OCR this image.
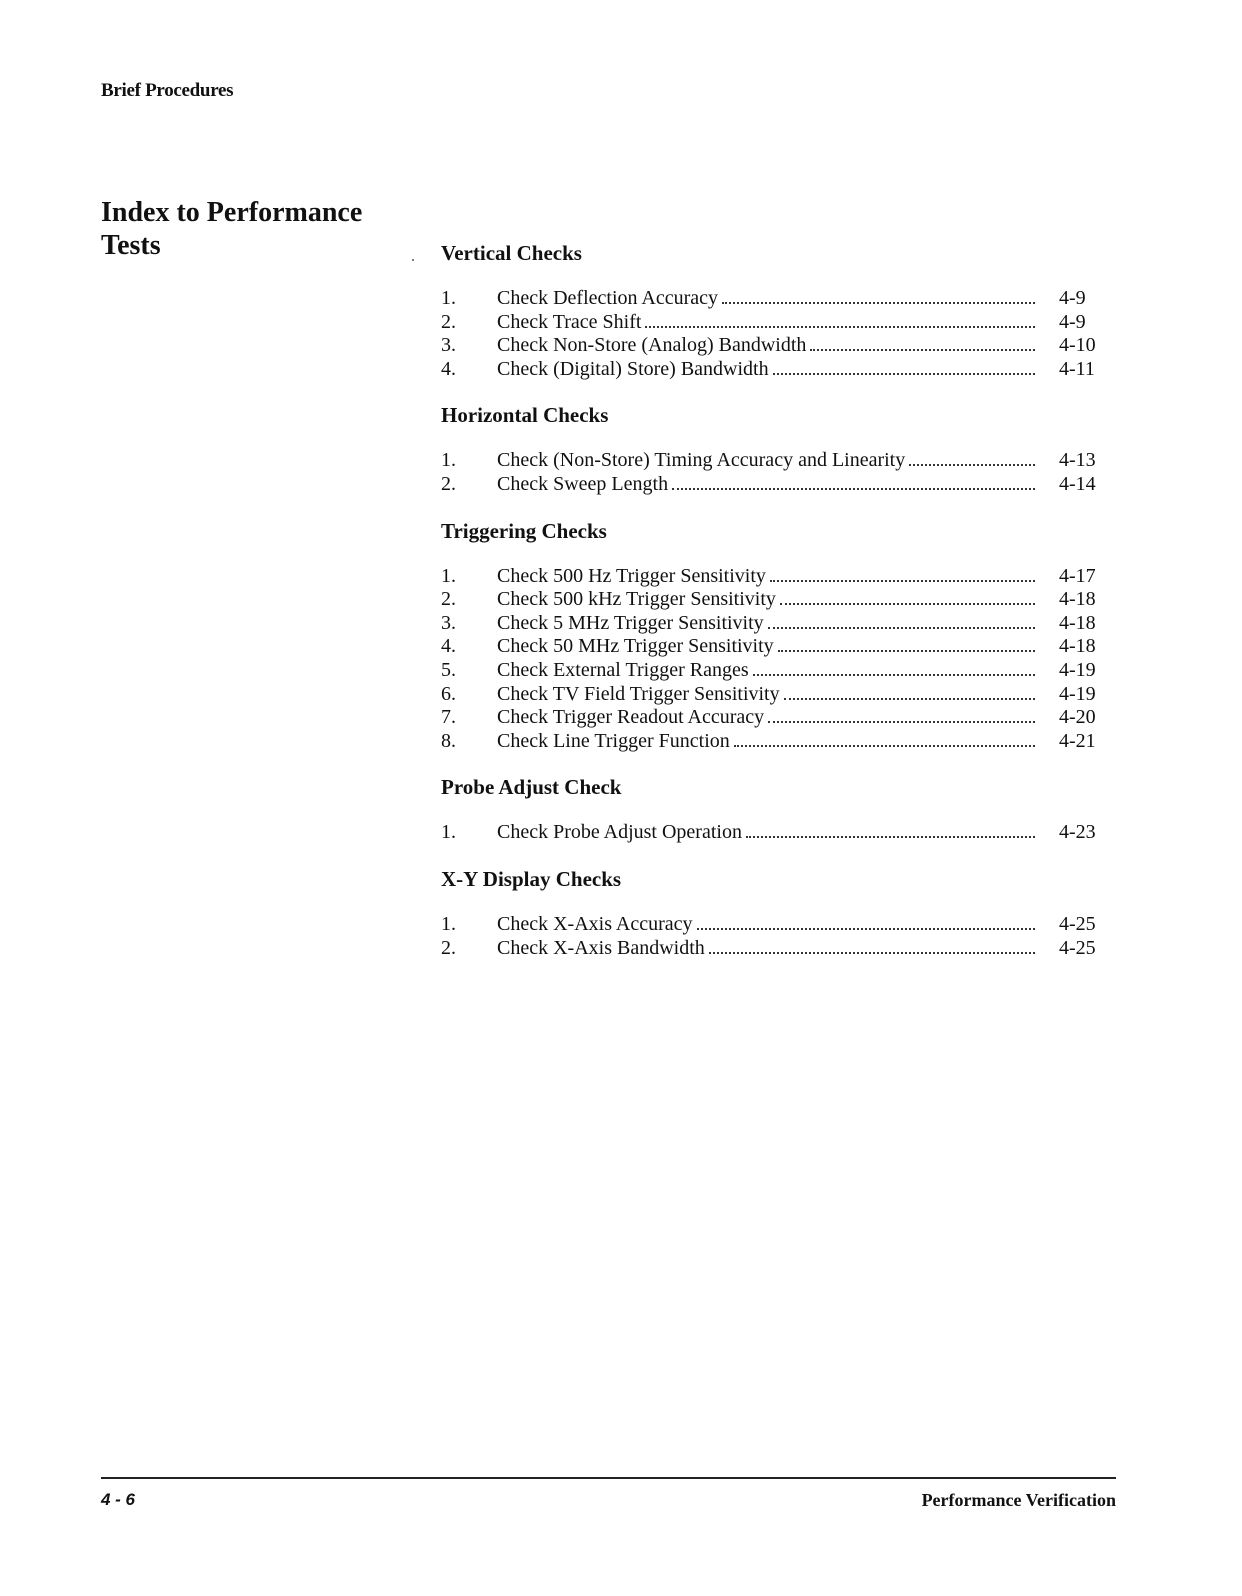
Brief Procedures
Index to Performance Tests	Vertical Checks
1.	Check Deflection Accuracy	4-9
2.	Check Trace Shift	4-9
3.	Check Non-Store (Analog) Bandwidth	4-10
4.	Check (Digital) Store) Bandwidth	4-11
Horizontal Checks
1.	Check (Non-Store) Timing Accuracy and Linearity	4-13
2.	Check Sweep Length	4-14
Triggering Checks
1.	Check 500 Hz Trigger Sensitivity	4-17
2.	Check 500 kHz Trigger Sensitivity	4-18
3.	Check 5 MHz Trigger Sensitivity	4-18
4.	Check 50 MHz Trigger Sensitivity	4-18
5.	Check External Trigger Ranges	4-19
6.	Check TV Field Trigger Sensitivity	4-19
7.	Check Trigger Readout Accuracy	4-20
8.	Check Line Trigger Function	4-21
Probe Adjust Check
1.	Check Probe Adjust Operation	4-23
X-Y Display Checks
1.	Check X-Axis Accuracy	4-25
2.	Check X-Axis Bandwidth	4-25
4 - 6	Performance Verification
